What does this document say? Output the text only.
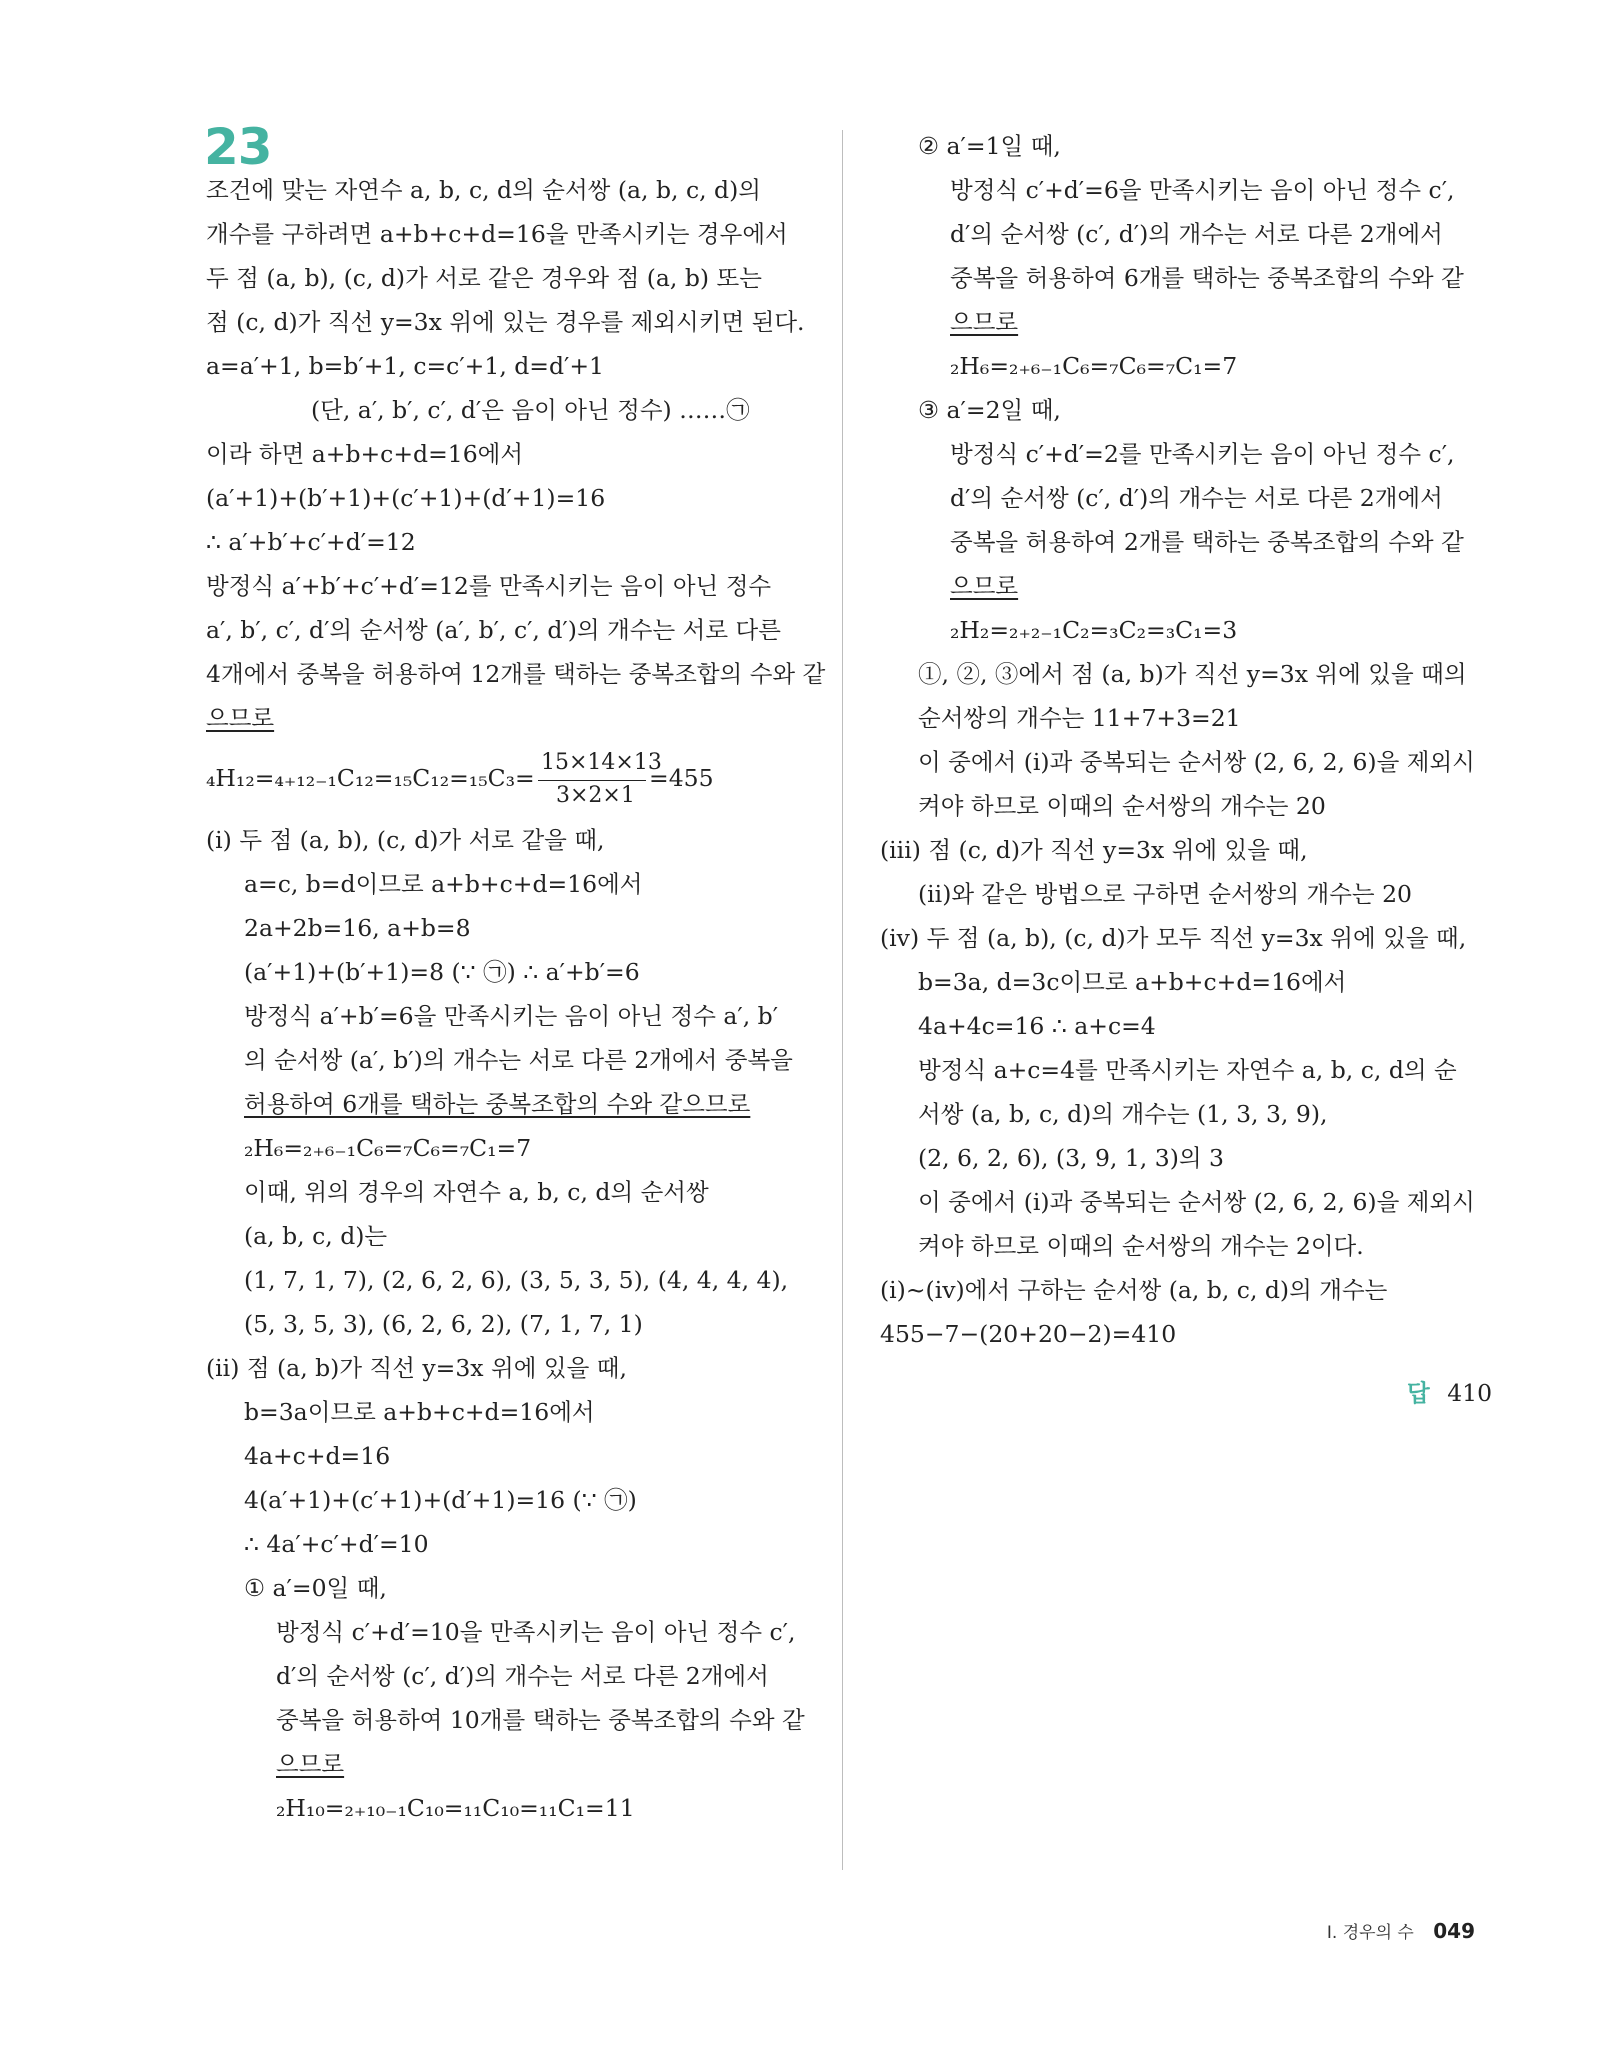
23
조건에 맞는 자연수 a, b, c, d의 순서쌍 (a, b, c, d)의
개수를 구하려면 a+b+c+d=16을 만족시키는 경우에서
두 점 (a, b), (c, d)가 서로 같은 경우와 점 (a, b) 또는
점 (c, d)가 직선 y=3x 위에 있는 경우를 제외시키면 된다.
a=a′+1, b=b′+1, c=c′+1, d=d′+1
(단, a′, b′, c′, d′은 음이 아닌 정수) ……㉠
이라 하면 a+b+c+d=16에서
(a′+1)+(b′+1)+(c′+1)+(d′+1)=16
∴ a′+b′+c′+d′=12
방정식 a′+b′+c′+d′=12를 만족시키는 음이 아닌 정수
a′, b′, c′, d′의 순서쌍 (a′, b′, c′, d′)의 개수는 서로 다른
4개에서 중복을 허용하여 12개를 택하는 중복조합의 수와 같
으므로
₄H₁₂=₄₊₁₂₋₁C₁₂=₁₅C₁₂=₁₅C₃=	=455
(i) 두 점 (a, b), (c, d)가 서로 같을 때,
a=c, b=d이므로 a+b+c+d=16에서
2a+2b=16, a+b=8
(a′+1)+(b′+1)=8 (∵ ㉠) ∴ a′+b′=6
방정식 a′+b′=6을 만족시키는 음이 아닌 정수 a′, b′
의 순서쌍 (a′, b′)의 개수는 서로 다른 2개에서 중복을
허용하여 6개를 택하는 중복조합의 수와 같으므로
₂H₆=₂₊₆₋₁C₆=₇C₆=₇C₁=7
이때, 위의 경우의 자연수 a, b, c, d의 순서쌍
(a, b, c, d)는
(1, 7, 1, 7), (2, 6, 2, 6), (3, 5, 3, 5), (4, 4, 4, 4),
(5, 3, 5, 3), (6, 2, 6, 2), (7, 1, 7, 1)
(ii) 점 (a, b)가 직선 y=3x 위에 있을 때,
b=3a이므로 a+b+c+d=16에서
4a+c+d=16
4(a′+1)+(c′+1)+(d′+1)=16 (∵ ㉠)
∴ 4a′+c′+d′=10
① a′=0일 때,
방정식 c′+d′=10을 만족시키는 음이 아닌 정수 c′,
d′의 순서쌍 (c′, d′)의 개수는 서로 다른 2개에서
중복을 허용하여 10개를 택하는 중복조합의 수와 같
으므로
₂H₁₀=₂₊₁₀₋₁C₁₀=₁₁C₁₀=₁₁C₁=11
15×14×13
3×2×1
답 410
② a′=1일 때,
방정식 c′+d′=6을 만족시키는 음이 아닌 정수 c′,
d′의 순서쌍 (c′, d′)의 개수는 서로 다른 2개에서
중복을 허용하여 6개를 택하는 중복조합의 수와 같
으므로
₂H₆=₂₊₆₋₁C₆=₇C₆=₇C₁=7
③ a′=2일 때,
방정식 c′+d′=2를 만족시키는 음이 아닌 정수 c′,
d′의 순서쌍 (c′, d′)의 개수는 서로 다른 2개에서
중복을 허용하여 2개를 택하는 중복조합의 수와 같
으므로
₂H₂=₂₊₂₋₁C₂=₃C₂=₃C₁=3
①, ②, ③에서 점 (a, b)가 직선 y=3x 위에 있을 때의
순서쌍의 개수는 11+7+3=21
이 중에서 (i)과 중복되는 순서쌍 (2, 6, 2, 6)을 제외시
켜야 하므로 이때의 순서쌍의 개수는 20
(iii) 점 (c, d)가 직선 y=3x 위에 있을 때,
(ii)와 같은 방법으로 구하면 순서쌍의 개수는 20
(iv) 두 점 (a, b), (c, d)가 모두 직선 y=3x 위에 있을 때,
b=3a, d=3c이므로 a+b+c+d=16에서
4a+4c=16 ∴ a+c=4
방정식 a+c=4를 만족시키는 자연수 a, b, c, d의 순
서쌍 (a, b, c, d)의 개수는 (1, 3, 3, 9),
(2, 6, 2, 6), (3, 9, 1, 3)의 3
이 중에서 (i)과 중복되는 순서쌍 (2, 6, 2, 6)을 제외시
켜야 하므로 이때의 순서쌍의 개수는 2이다.
(i)~(iv)에서 구하는 순서쌍 (a, b, c, d)의 개수는
455−7−(20+20−2)=410
Ⅰ. 경우의 수 049
